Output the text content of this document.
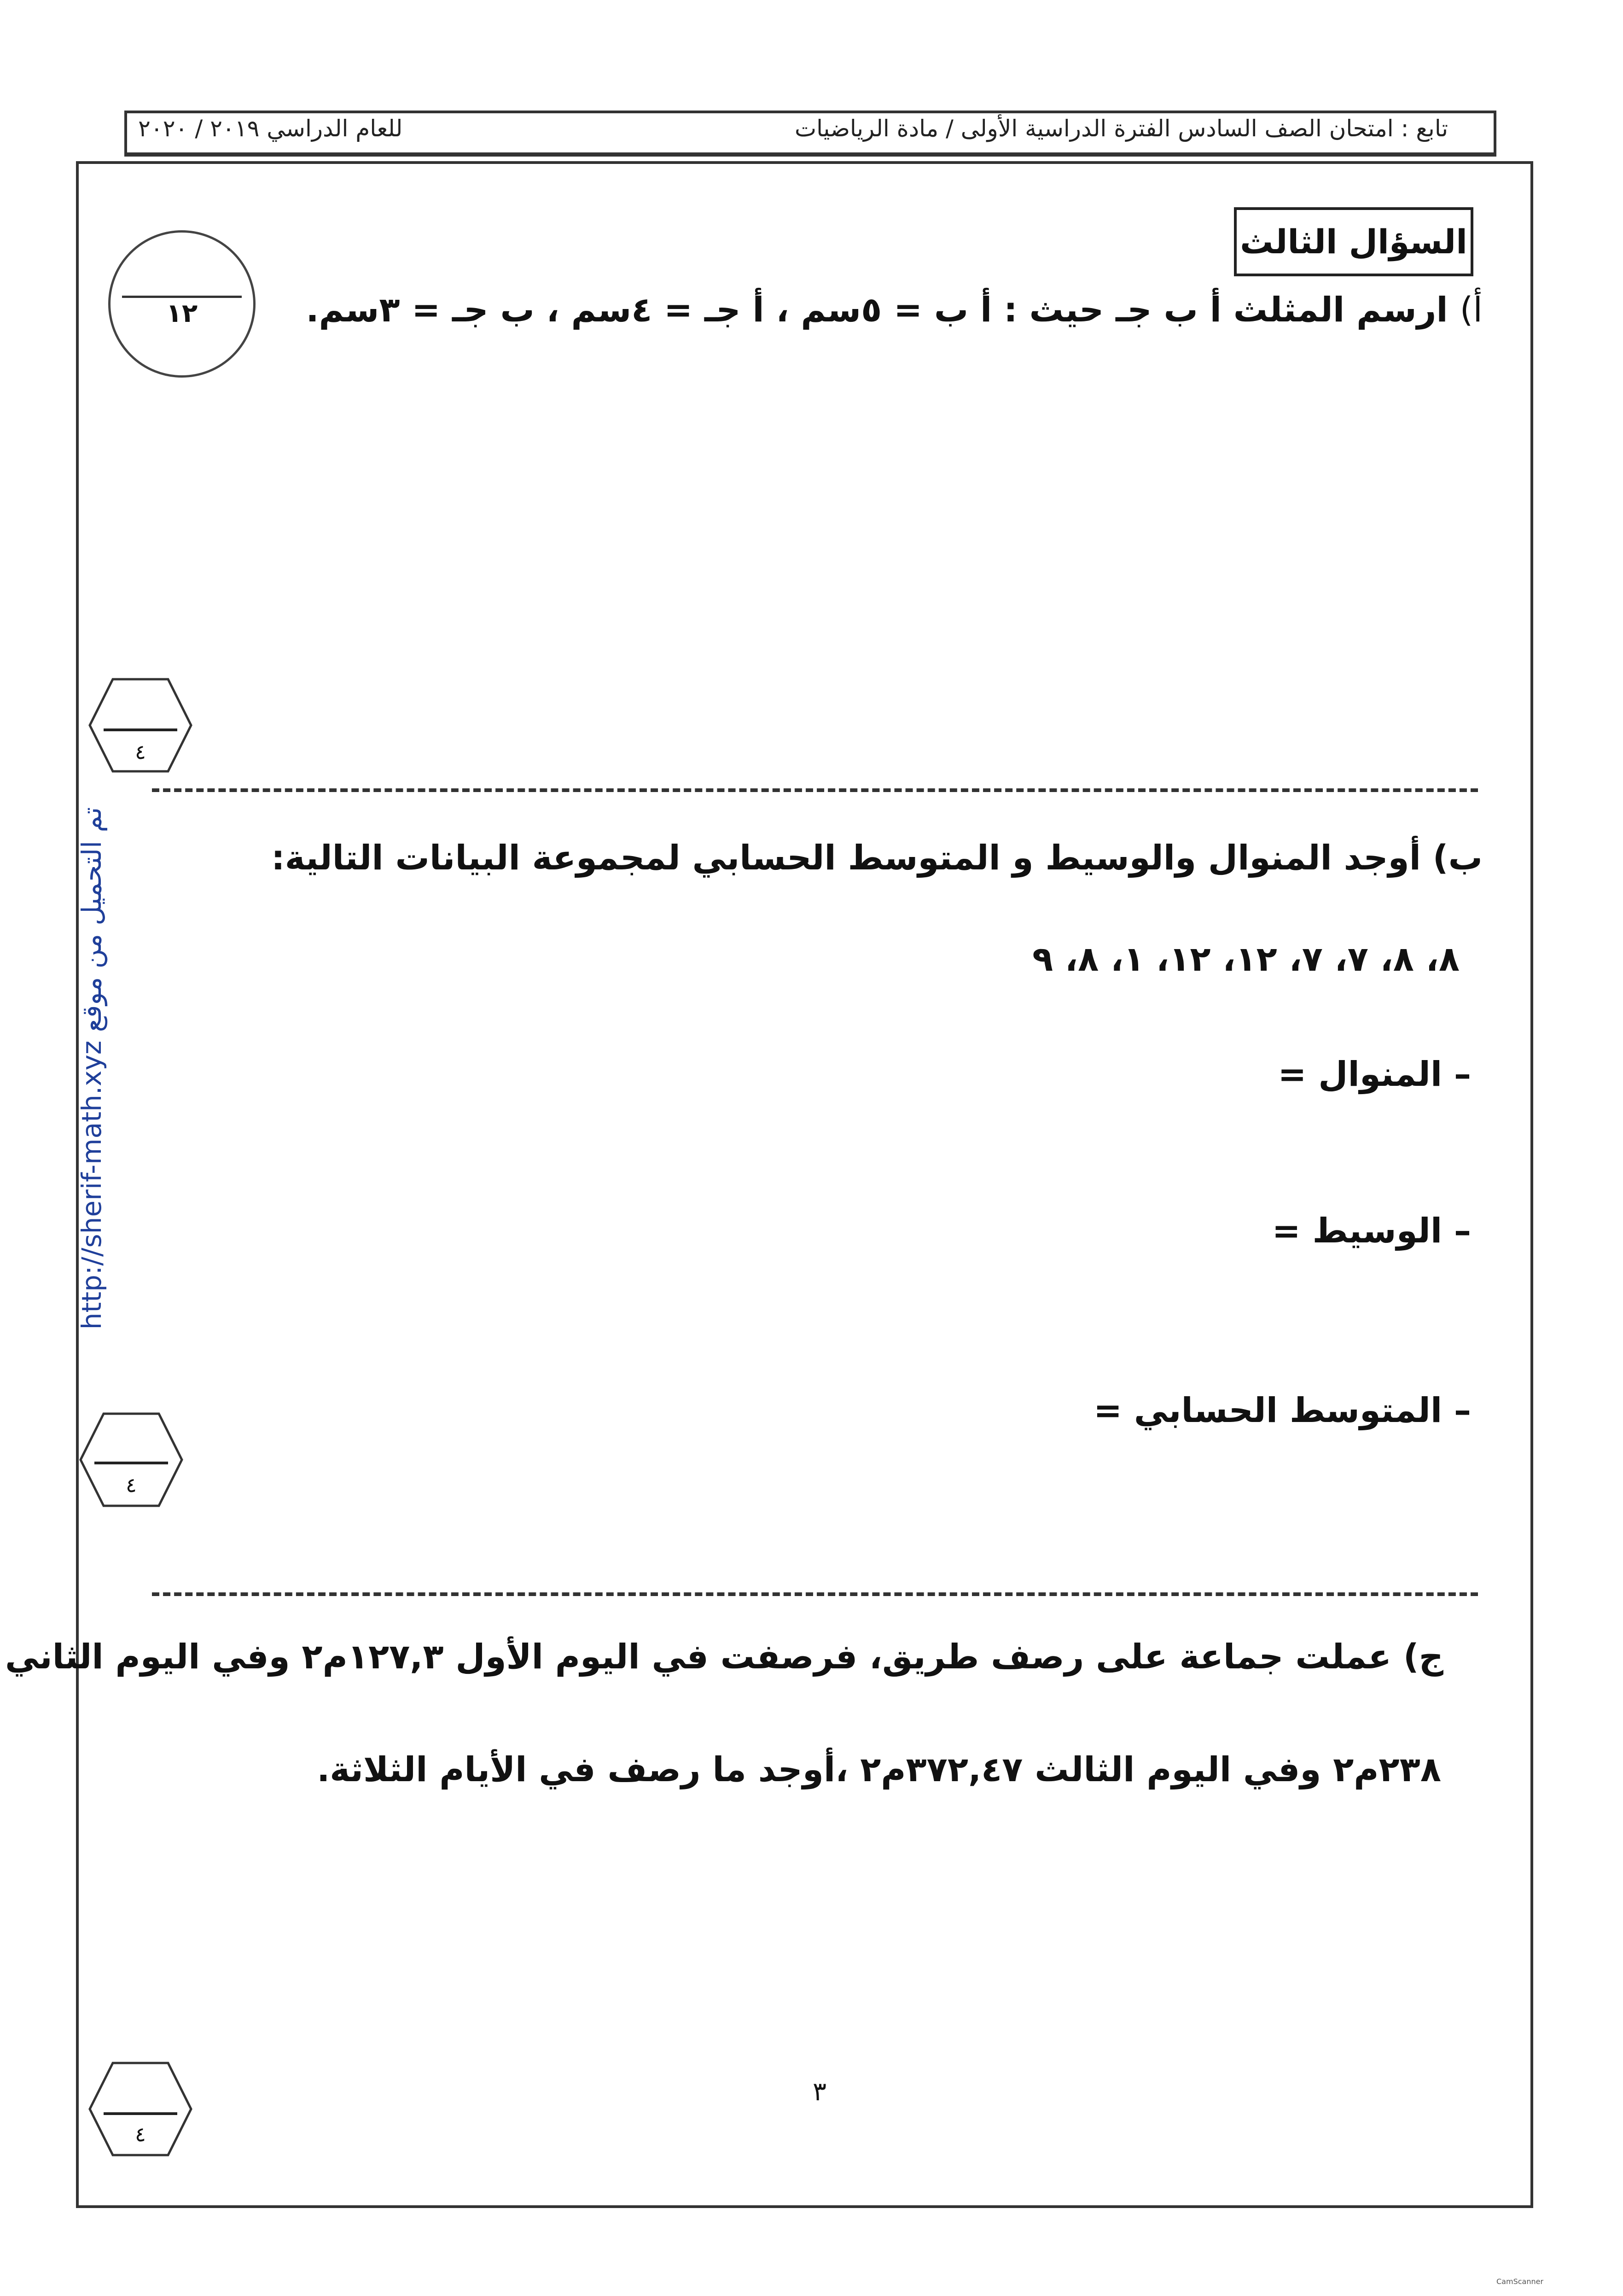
تابع : امتحان الصف السادس الفترة الدراسية الأولى / مادة الرياضيات
للعام الدراسي ٢٠١٩ / ٢٠٢٠
السؤال الثالث
١٢	أ) ارسم المثلث أ ب جـ حيث : أ ب = ٥سم ، أ جـ = ٤سم ، ب جـ = ٣سم.
٤
ب) أوجد المنوال والوسيط و المتوسط الحسابي لمجموعة البيانات التالية:
٨، ٨، ٧، ٧، ١٢، ١٢، ١، ٨، ٩
– المنوال =
– الوسيط =
– المتوسط الحسابي =
٤
ج) عملت جماعة على رصف طريق، فرصفت في اليوم الأول ١٢٧,٣م٢ وفي اليوم الثاني
٢٣٨م٢ وفي اليوم الثالث ٣٧٢,٤٧م٢ ،أوجد ما رصف في الأيام الثلاثة.
٤
٣
تم التحميل من موقع http://sherif-math.xyz
CamScanner
